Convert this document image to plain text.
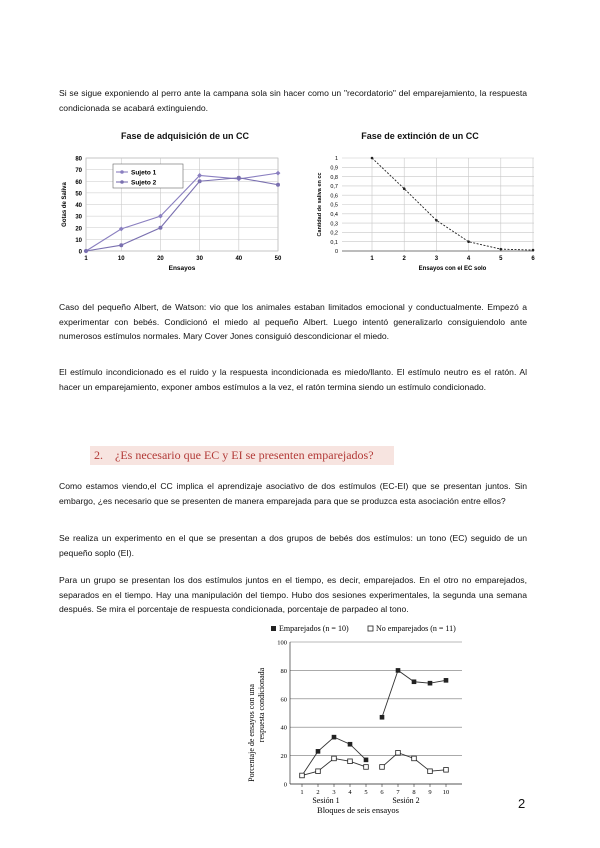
Si se sigue exponiendo al perro ante la campana sola sin hacer como un "recordatorio" del emparejamiento, la respuesta condicionada se acabará extinguiendo.

Fase de adquisición de un CC
0
10
20
30
40
50
60
70
80
1	10	20	30	40	50
Sujeto 1
Sujeto 2
Ensayos
Gotas de Saliva
Fase de extinción de un CC
0
0,1
0,2
0,3
0,4
0,5
0,6
0,7
0,8
0,9
1
1	2	3	4	5	6
Ensayos con el EC solo
Cantidad de saliva en cc

Caso del pequeño Albert, de Watson: vio que los animales estaban limitados emocional y conductualmente. Empezó a experimentar con bebés. Condicionó el miedo al pequeño Albert. Luego intentó generalizarlo consiguiendolo ante numerosos estímulos normales. Mary Cover Jones consiguió descondicionar el miedo.

El estímulo incondicionado es el ruido y la respuesta incondicionada es miedo/llanto. El estímulo neutro es el ratón. Al hacer un emparejamiento, exponer ambos estímulos a la vez, el ratón termina siendo un estímulo condicionado.

2. ¿Es necesario que EC y EI se presenten emparejados?

Como estamos viendo,el CC implica el aprendizaje asociativo de dos estímulos (EC-EI) que se presentan juntos. Sin embargo, ¿es necesario que se presenten de manera emparejada para que se produzca esta asociación entre ellos?

Se realiza un experimento en el que se presentan a dos grupos de bebés dos estímulos: un tono (EC) seguido de un pequeño soplo (EI).

Para un grupo se presentan los dos estímulos juntos en el tiempo, es decir, emparejados. En el otro no emparejados, separados en el tiempo. Hay una manipulación del tiempo. Hubo dos sesiones experimentales, la segunda una semana después. Se mira el porcentaje de respuesta condicionada, porcentaje de parpadeo al tono.

0
20
40
60
80
100
1 2 3 4 5 6 7 8 9 10
Emparejados (n = 10)	No emparejados (n = 11)
Sesión 1	Sesión 2
Bloques de seis ensayos
Porcentaje de ensayos con una respuesta condicionada
2
